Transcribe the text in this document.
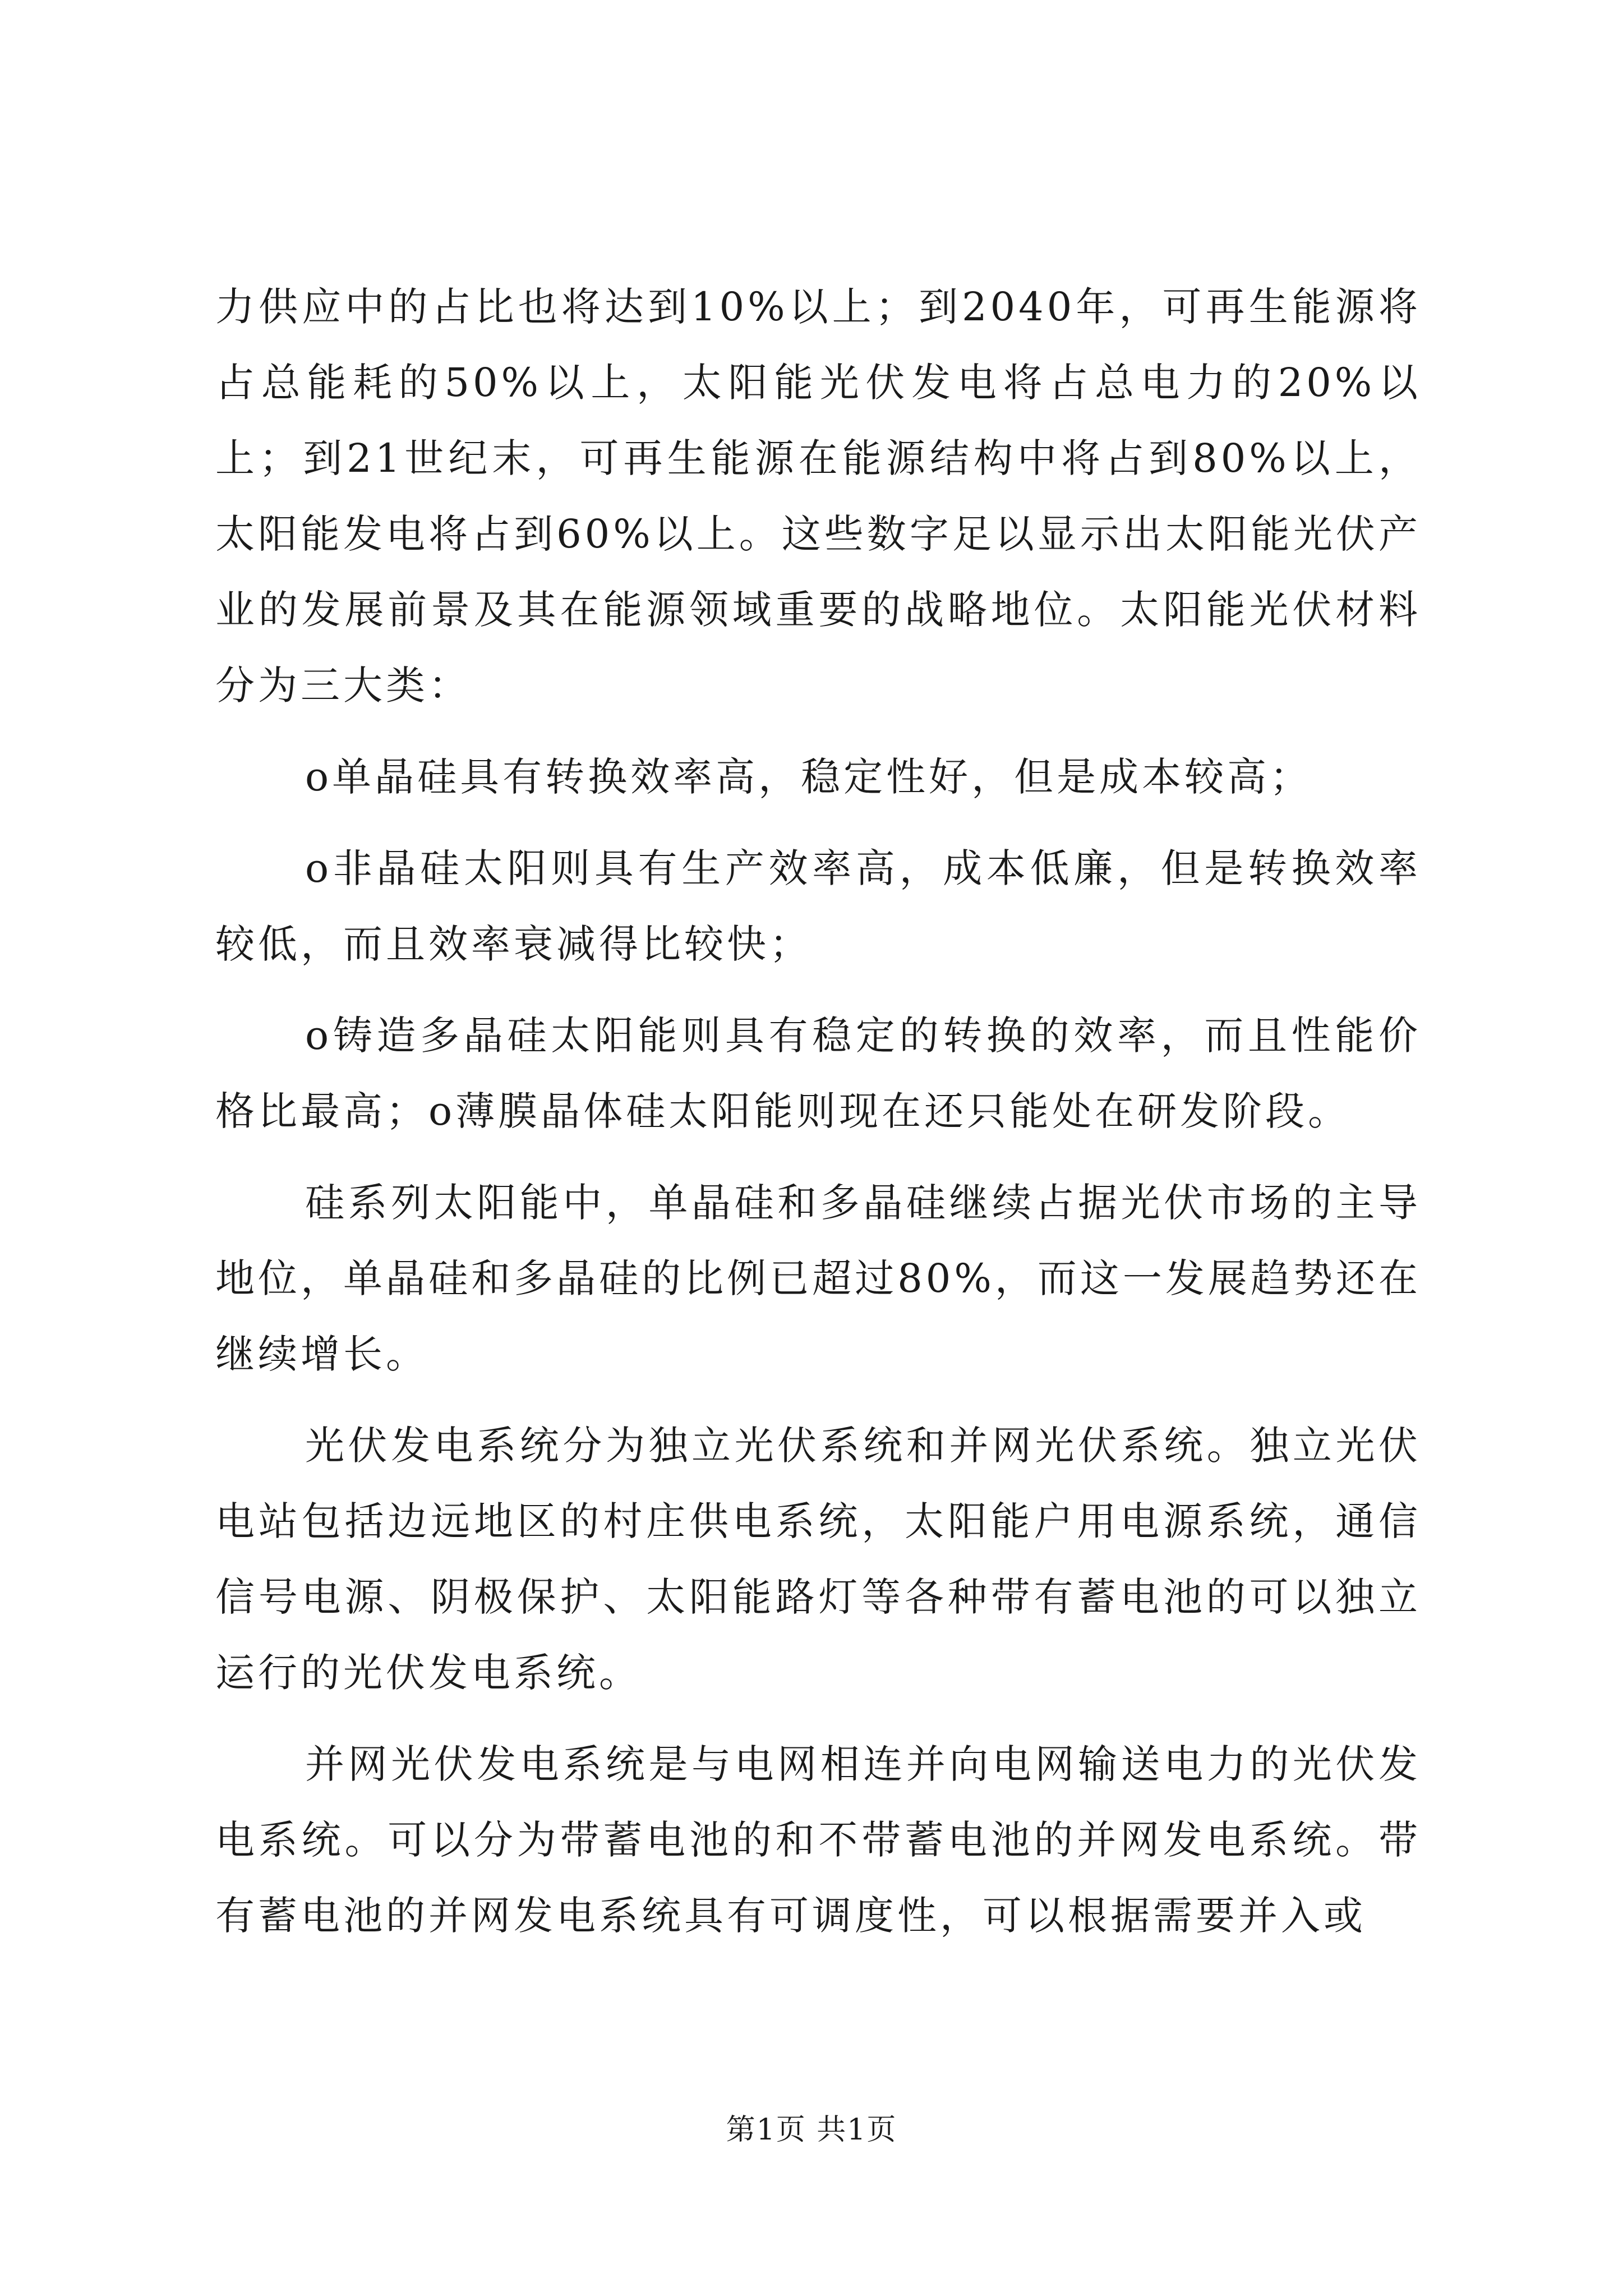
力供应中的占比也将达到10%以上；到2040年，可再生能源将占总能耗的50%以上，太阳能光伏发电将占总电力的20%以上；到21世纪末，可再生能源在能源结构中将占到80%以上，太阳能发电将占到60%以上。这些数字足以显示出太阳能光伏产业的发展前景及其在能源领域重要的战略地位。太阳能光伏材料分为三大类：

o单晶硅具有转换效率高，稳定性好，但是成本较高；

o非晶硅太阳则具有生产效率高，成本低廉，但是转换效率较低，而且效率衰减得比较快；

o铸造多晶硅太阳能则具有稳定的转换的效率，而且性能价格比最高；o薄膜晶体硅太阳能则现在还只能处在研发阶段。

硅系列太阳能中，单晶硅和多晶硅继续占据光伏市场的主导地位，单晶硅和多晶硅的比例已超过80%，而这一发展趋势还在继续增长。

光伏发电系统分为独立光伏系统和并网光伏系统。独立光伏电站包括边远地区的村庄供电系统，太阳能户用电源系统，通信信号电源、阴极保护、太阳能路灯等各种带有蓄电池的可以独立运行的光伏发电系统。

并网光伏发电系统是与电网相连并向电网输送电力的光伏发电系统。可以分为带蓄电池的和不带蓄电池的并网发电系统。带有蓄电池的并网发电系统具有可调度性，可以根据需要并入或

第1页 共1页
